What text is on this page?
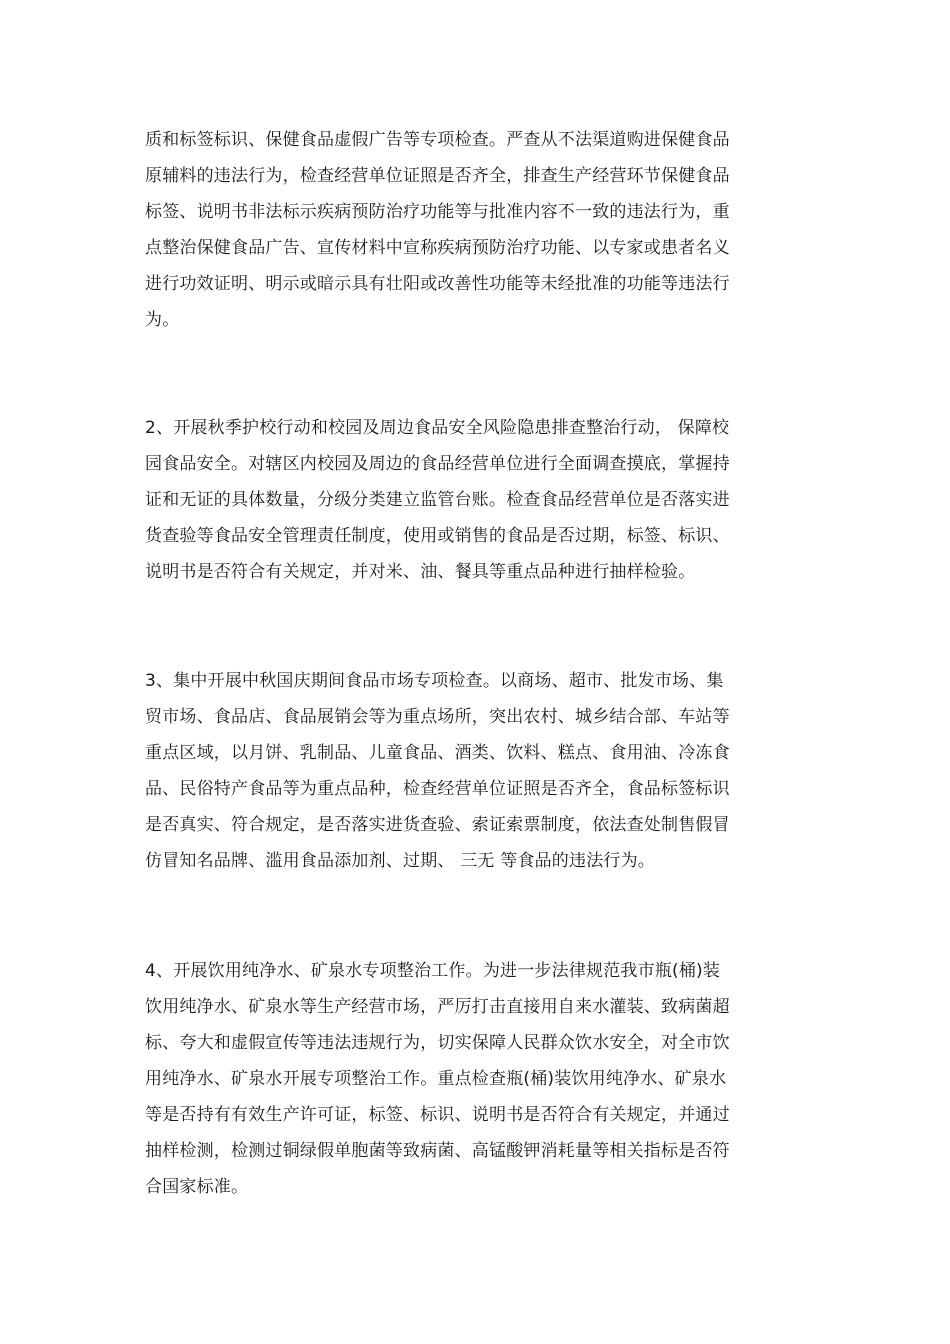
质和标签标识、保健食品虚假广告等专项检查。严查从不法渠道购进保健食品
原辅料的违法行为，检查经营单位证照是否齐全，排查生产经营环节保健食品
标签、说明书非法标示疾病预防治疗功能等与批准内容不一致的违法行为，重
点整治保健食品广告、宣传材料中宣称疾病预防治疗功能、以专家或患者名义
进行功效证明、明示或暗示具有壮阳或改善性功能等未经批准的功能等违法行
为。
2、开展秋季护校行动和校园及周边食品安全风险隐患排查整治行动， 保障校
园食品安全。对辖区内校园及周边的食品经营单位进行全面调查摸底，掌握持
证和无证的具体数量，分级分类建立监管台账。检查食品经营单位是否落实进
货查验等食品安全管理责任制度，使用或销售的食品是否过期，标签、标识、
说明书是否符合有关规定，并对米、油、餐具等重点品种进行抽样检验。
3、集中开展中秋国庆期间食品市场专项检查。以商场、超市、批发市场、集
贸市场、食品店、食品展销会等为重点场所，突出农村、城乡结合部、车站等
重点区域，以月饼、乳制品、儿童食品、酒类、饮料、糕点、食用油、冷冻食
品、民俗特产食品等为重点品种，检查经营单位证照是否齐全，食品标签标识
是否真实、符合规定，是否落实进货查验、索证索票制度，依法查处制售假冒
仿冒知名品牌、滥用食品添加剂、过期、 三无 等食品的违法行为。
4、开展饮用纯净水、矿泉水专项整治工作。为进一步法律规范我市瓶(桶)装
饮用纯净水、矿泉水等生产经营市场，严厉打击直接用自来水灌装、致病菌超
标、夸大和虚假宣传等违法违规行为，切实保障人民群众饮水安全，对全市饮
用纯净水、矿泉水开展专项整治工作。重点检查瓶(桶)装饮用纯净水、矿泉水
等是否持有有效生产许可证，标签、标识、说明书是否符合有关规定，并通过
抽样检测，检测过铜绿假单胞菌等致病菌、高锰酸钾消耗量等相关指标是否符
合国家标准。
